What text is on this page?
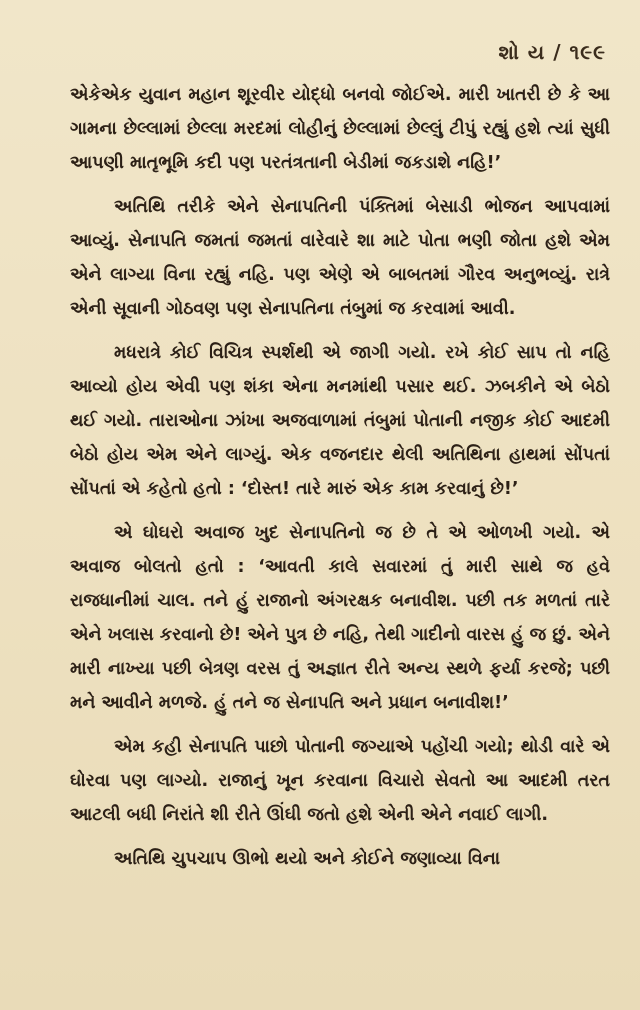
શો ય / ૧૯૯

એકેએક યુવાન મહાન શૂરવીર યોદ્ધો બનવો જોઈએ. મારી ખાતરી છે કે આ ગામના છેલ્લામાં છેલ્લા મરદમાં લોહીનું છેલ્લામાં છેલ્લું ટીપું રહ્યું હશે ત્યાં સુધી આપણી માતૃભૂમિ કદી પણ પરતંત્રતાની બેડીમાં જકડાશે નહિ!’

અતિથિ તરીકે એને સેનાપતિની પંક્તિમાં બેસાડી ભોજન આપવામાં આવ્યું. સેનાપતિ જમતાં જમતાં વારેવારે શા માટે પોતા ભણી જોતા હશે એમ એને લાગ્યા વિના રહ્યું નહિ. પણ એણે એ બાબતમાં ગૌરવ અનુભવ્યું. રાત્રે એની સૂવાની ગોઠવણ પણ સેનાપતિના તંબુમાં જ કરવામાં આવી.

મધરાત્રે કોઈ વિચિત્ર સ્પર્શથી એ જાગી ગયો. રખે કોઈ સાપ તો નહિ આવ્યો હોય એવી પણ શંકા એના મનમાંથી પસાર થઈ. ઝબકીને એ બેઠો થઈ ગયો. તારાઓના ઝાંખા અજવાળામાં તંબુમાં પોતાની નજીક કોઈ આદમી બેઠો હોય એમ એને લાગ્યું. એક વજનદાર થેલી અતિથિના હાથમાં સોંપતાં સોંપતાં એ કહેતો હતો : ‘દોસ્ત! તારે મારું એક કામ કરવાનું છે!’

એ ઘોઘરો અવાજ ખુદ સેનાપતિનો જ છે તે એ ઓળખી ગયો. એ અવાજ બોલતો હતો : ‘આવતી કાલે સવારમાં તું મારી સાથે જ હવે રાજધાનીમાં ચાલ. તને હું રાજાનો અંગરક્ષક બનાવીશ. પછી તક મળતાં તારે એને ખલાસ કરવાનો છે! એને પુત્ર છે નહિ, તેથી ગાદીનો વારસ હું જ છું. એને મારી નાખ્યા પછી બેત્રણ વરસ તું અજ્ઞાત રીતે અન્ય સ્થળે ફર્યા કરજે; પછી મને આવીને મળજે. હું તને જ સેનાપતિ અને પ્રધાન બનાવીશ!’

એમ કહી સેનાપતિ પાછો પોતાની જગ્યાએ પહોંચી ગયો; થોડી વારે એ ઘોરવા પણ લાગ્યો. રાજાનું ખૂન કરવાના વિચારો સેવતો આ આદમી તરત આટલી બધી નિરાંતે શી રીતે ઊંઘી જતો હશે એની એને નવાઈ લાગી.

અતિથિ ચુપચાપ ઊભો થયો અને કોઈને જણાવ્યા વિના
